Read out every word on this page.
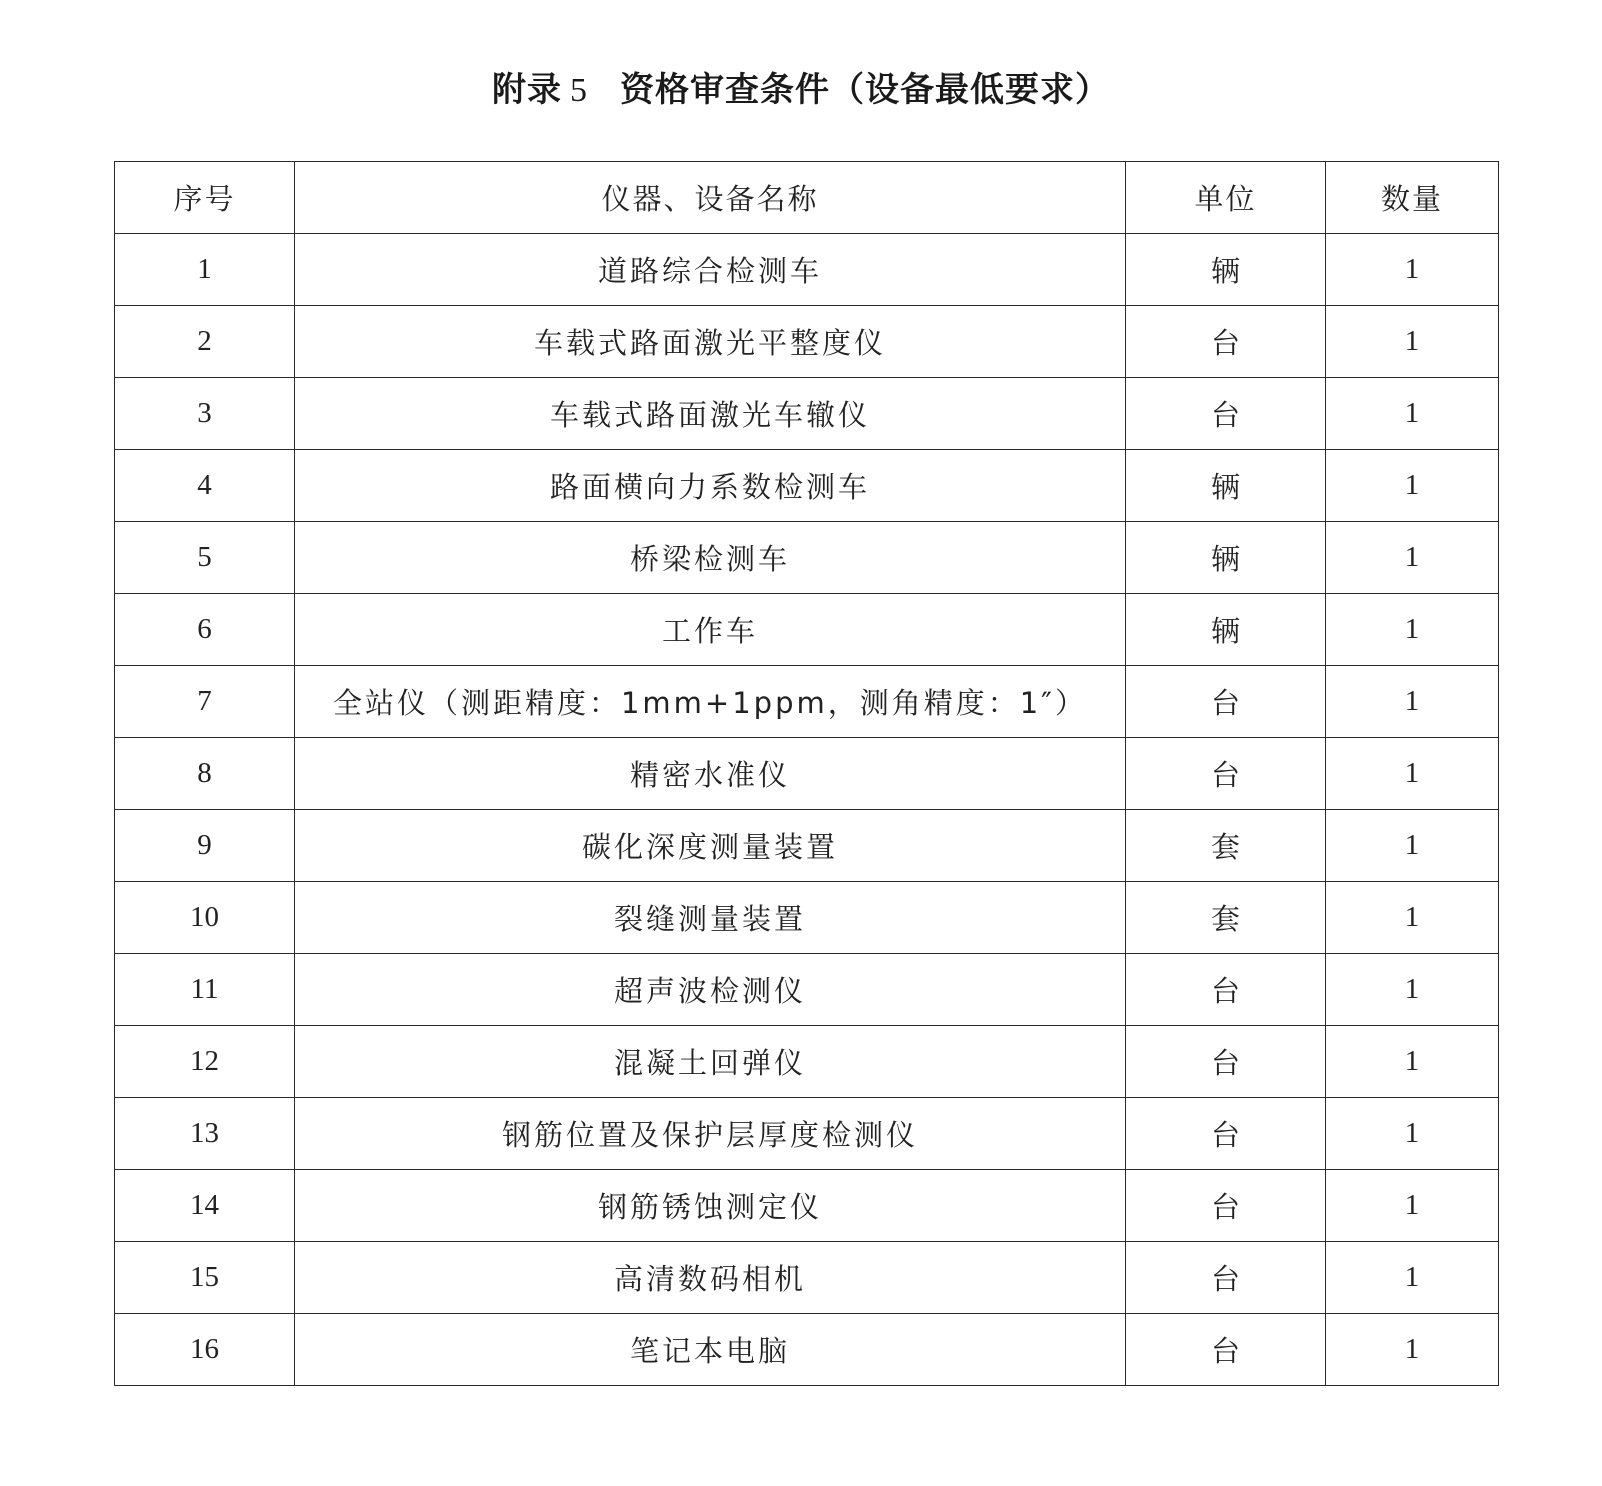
附录 5 资格审查条件（设备最低要求）
序号	仪器、设备名称	单位	数量
1	道路综合检测车	辆	1
2	车载式路面激光平整度仪	台	1
3	车载式路面激光车辙仪	台	1
4	路面横向力系数检测车	辆	1
5	桥梁检测车	辆	1
6	工作车	辆	1
7	全站仪（测距精度：1mm+1ppm，测角精度：1″）	台	1
8	精密水准仪	台	1
9	碳化深度测量装置	套	1
10	裂缝测量装置	套	1
11	超声波检测仪	台	1
12	混凝土回弹仪	台	1
13	钢筋位置及保护层厚度检测仪	台	1
14	钢筋锈蚀测定仪	台	1
15	高清数码相机	台	1
16	笔记本电脑	台	1
